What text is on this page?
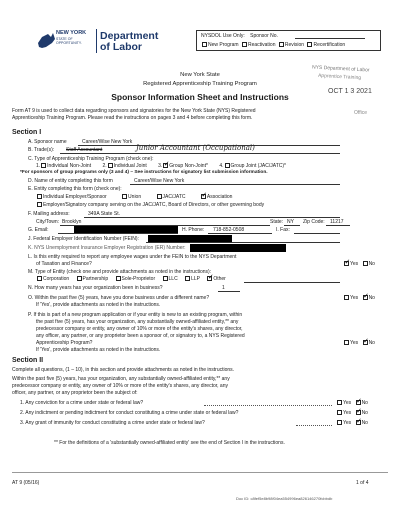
NEW YORK
STATE OF
OPPORTUNITY.
Department
of Labor
NYSDOL Use Only: Sponsor No.
New Program Reactivation Revision Recertification
NYS Department of Labor
Apprentice Training
OCT 1 3 2021
Office
New York State
Registered Apprenticeship Training Program
Sponsor Information Sheet and Instructions
Form AT 9 is used to collect data regarding sponsors and signatories for the New York State (NYS) Registered
Apprenticeship Training Program. Please read the instructions on pages 3 and 4 before completing this form.
Section I
A. Sponsor name	Career/Wise New York
B. Trade(s): Staff Accountant	Junior Accountant (Occupational)
C. Type of Apprenticeship Training Program (check one):
1. Individual Non-Joint 2. Individual Joint 3. ✓ Group Non-Joint* 4. Group Joint (JAC/JATC)*
*For sponsors of group programs only (3 and 4) – See instructions for signatory list submission information.
D. Name of entity completing this form	Career/Wise New York
E. Entity completing this form (check one):
Individual Employer/Sponsor	Union	JAC/JATC ✓	Association
Employer/Signatory company serving on the JAC/JATC, Board of Directors, or other governing body
F. Mailing address:	349A State St.
City/Town: Brooklyn	State: NY Zip Code: 11217
G. Email:	H. Phone: 718-852-0508	I. Fax:
J. Federal Employer Identification Number (FEIN):
K. NYS Unemployment Insurance Employer Registration (ER) Number:
L. Is this entity required to report any employee wages under the FEIN to the NYS Department
of Taxation and Finance? ✓	Yes No
M. Type of Entity (check one and provide attachments as noted in the instructions):
Corporation	Partnership	Sole-Proprietor	LLC	LLP ✓	Other
N. How many years has your organization been in business?	1
O. Within the past five (5) years, have you done business under a different name?
If 'Yes', provide attachments as noted in the instructions.
Yes ✓ No
P. If this is part of a new program application or if your entity is new to an existing program, within
the past five (5) years, has your organization, any substantially owned-affiliated entity,** any
predecessor company or entity, any owner of 10% or more of the entity's shares, any director,
any officer, any partner, or any proprietor been a sponsor of, or signatory to, a NYS Registered
Apprenticeship Program?
If 'Yes', provide attachments as noted in the instructions.
Yes ✓ No
Section II
Complete all questions, (1 – 10), in this section and provide attachments as noted in the instructions.
Within the past five (5) years, has your organization, any substantially owned-affiliated entity,** any
predecessor company or entity, any owner of 10% or more of the entity's shares, any director, any
officer, any partner, or any proprietor been the subject of:
1. Any conviction for a crime under state or federal law?	Yes ✓ No
2. Any indictment or pending indictment for conduct constituting a crime under state or federal law?	Yes ✓ No
3. Any grant of immunity for conduct constituting a crime under state or federal law?	Yes ✓ No
** For the definitions of a 'substantially owned-affiliated entity' see the end of Section I in the instructions.
AT 9 (05/16)	1 of 4
Doc ID: c8fef5e8b98f04ea554996ea826146270fcbbdb
